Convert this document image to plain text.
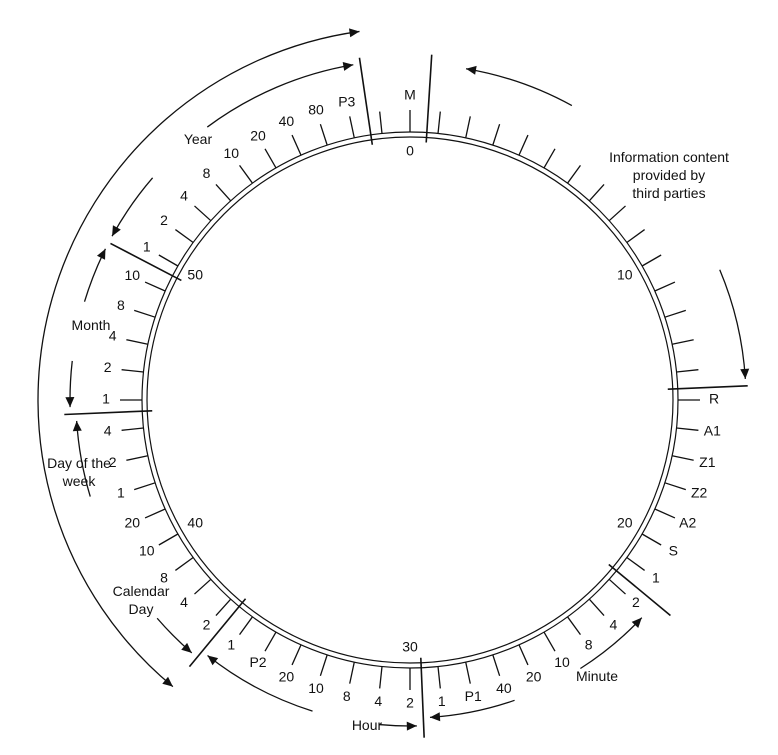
M
R
A1
Z1
Z2
A2
S
1
2
4
8
10
20
40
P1
1
2
4
8
10
20
P2
1
2
4
8
10
20
1
2
4
1
2
4
8
10
1
2
4
8
10
20
40
80
P3
0
10
20
30
40
50
Information content provided by third parties
Minute
Hour
Calendar Day
Day of the week
Month
Year
